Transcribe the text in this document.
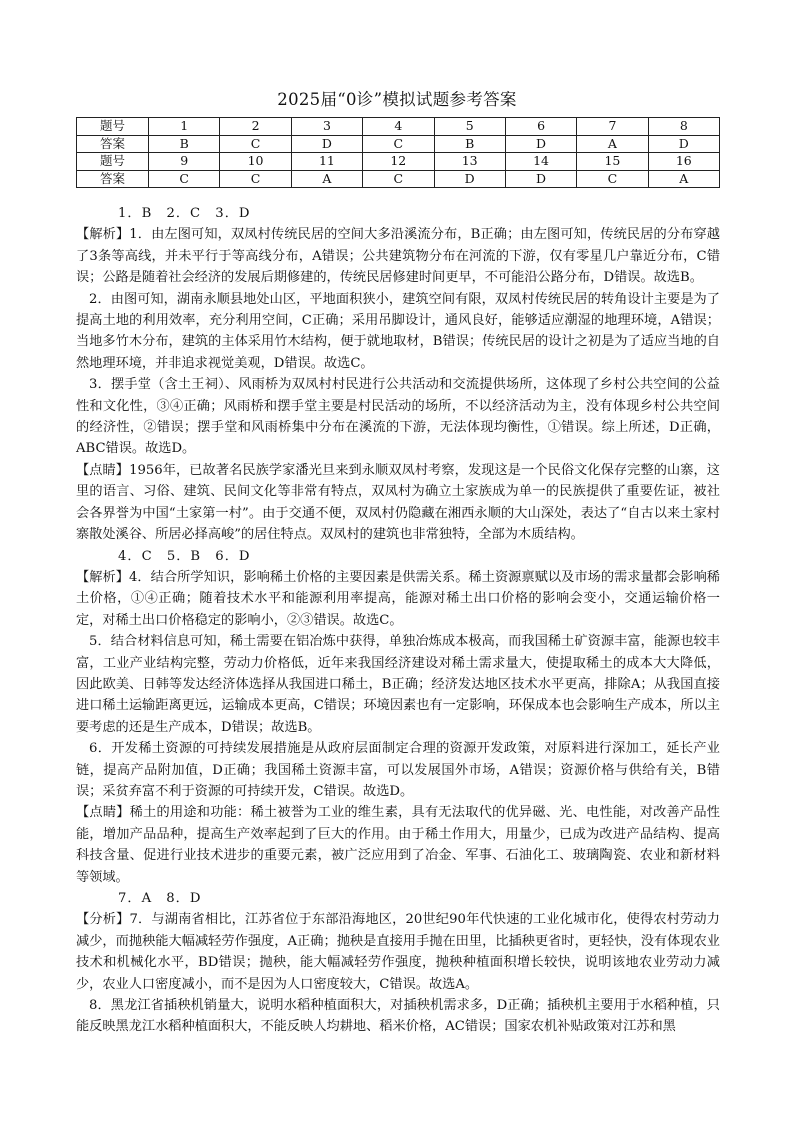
2025届“0诊”模拟试题参考答案
题号	1	2	3	4	5	6	7	8
答案	B	C	D	C	B	D	A	D
题号	9	10	11	12	13	14	15	16
答案	C	C	A	C	D	D	C	A

1．B　2．C　3．D

【解析】1．由左图可知，双凤村传统民居的空间大多沿溪流分布，B正确；由左图可知，传统民居的分布穿越了3条等高线，并未平行于等高线分布，A错误；公共建筑物分布在河流的下游，仅有零星几户靠近分布，C错误；公路是随着社会经济的发展后期修建的，传统民居修建时间更早，不可能沿公路分布，D错误。故选B。

2．由图可知，湖南永顺县地处山区，平地面积狭小，建筑空间有限，双凤村传统民居的转角设计主要是为了提高土地的利用效率，充分利用空间，C正确；采用吊脚设计，通风良好，能够适应潮湿的地理环境，A错误；当地多竹木分布，建筑的主体采用竹木结构，便于就地取材，B错误；传统民居的设计之初是为了适应当地的自然地理环境，并非追求视觉美观，D错误。故选C。

3．摆手堂（含土王祠）、风雨桥为双凤村村民进行公共活动和交流提供场所，这体现了乡村公共空间的公益性和文化性，③④正确；风雨桥和摆手堂主要是村民活动的场所，不以经济活动为主，没有体现乡村公共空间的经济性，②错误；摆手堂和风雨桥集中分布在溪流的下游，无法体现均衡性，①错误。综上所述，D正确，ABC错误。故选D。

【点睛】1956年，已故著名民族学家潘光旦来到永顺双凤村考察，发现这是一个民俗文化保存完整的山寨，这里的语言、习俗、建筑、民间文化等非常有特点，双凤村为确立土家族成为单一的民族提供了重要佐证，被社会各界誉为中国“土家第一村”。由于交通不便，双凤村仍隐藏在湘西永顺的大山深处，表达了“自古以来土家村寨散处溪谷、所居必择高峻”的居住特点。双凤村的建筑也非常独特，全部为木质结构。

4．C　5．B　6．D

【解析】4．结合所学知识，影响稀土价格的主要因素是供需关系。稀土资源禀赋以及市场的需求量都会影响稀土价格，①④正确；随着技术水平和能源利用率提高，能源对稀土出口价格的影响会变小，交通运输价格一定，对稀土出口价格稳定的影响小，②③错误。故选C。

5．结合材料信息可知，稀土需要在铝冶炼中获得，单独冶炼成本极高，而我国稀土矿资源丰富，能源也较丰富，工业产业结构完整，劳动力价格低，近年来我国经济建设对稀土需求量大，使提取稀土的成本大大降低，因此欧美、日韩等发达经济体选择从我国进口稀土，B正确；经济发达地区技术水平更高，排除A；从我国直接进口稀土运输距离更远，运输成本更高，C错误；环境因素也有一定影响，环保成本也会影响生产成本，所以主要考虑的还是生产成本，D错误；故选B。

6．开发稀土资源的可持续发展措施是从政府层面制定合理的资源开发政策，对原料进行深加工，延长产业链，提高产品附加值，D正确；我国稀土资源丰富，可以发展国外市场，A错误；资源价格与供给有关，B错误；采贫弃富不利于资源的可持续开发，C错误。故选D。

【点睛】稀土的用途和功能：稀土被誉为工业的维生素，具有无法取代的优异磁、光、电性能，对改善产品性能，增加产品品种，提高生产效率起到了巨大的作用。由于稀土作用大，用量少，已成为改进产品结构、提高科技含量、促进行业技术进步的重要元素，被广泛应用到了冶金、军事、石油化工、玻璃陶瓷、农业和新材料等领域。

7．A　8．D

【分析】7．与湖南省相比，江苏省位于东部沿海地区，20世纪90年代快速的工业化城市化，使得农村劳动力减少，而抛秧能大幅减轻劳作强度，A正确；抛秧是直接用手抛在田里，比插秧更省时，更轻快，没有体现农业技术和机械化水平，BD错误；抛秧，能大幅减轻劳作强度，抛秧种植面积增长较快，说明该地农业劳动力减少，农业人口密度减小，而不是因为人口密度较大，C错误。故选A。

8．黑龙江省插秧机销量大，说明水稻种植面积大，对插秧机需求多，D正确；插秧机主要用于水稻种植，只能反映黑龙江水稻种植面积大，不能反映人均耕地、稻米价格，AC错误；国家农机补贴政策对江苏和黑
